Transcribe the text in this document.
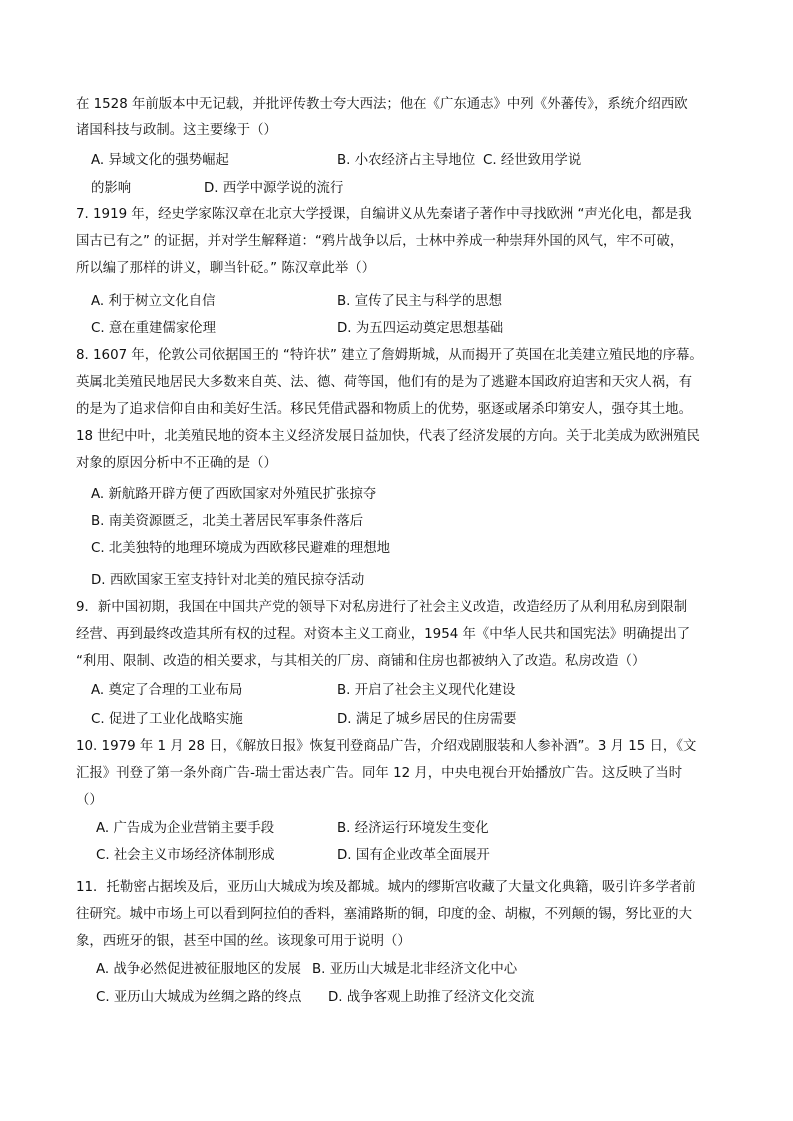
在 1528 年前版本中无记载，并批评传教士夸大西法；他在《广东通志》中列《外蕃传》，系统介绍西欧
诸国科技与政制。这主要缘于（）
A. 异域文化的强势崛起	B. 小农经济占主导地位 C. 经世致用学说
的影响	D. 西学中源学说的流行
7. 1919 年，经史学家陈汉章在北京大学授课，自编讲义从先秦诸子著作中寻找欧洲 “声光化电，都是我
国古已有之” 的证据，并对学生解释道：“鸦片战争以后，士林中养成一种崇拜外国的风气，牢不可破，
所以编了那样的讲义，聊当针砭。” 陈汉章此举（）
A. 利于树立文化自信	B. 宣传了民主与科学的思想
C. 意在重建儒家伦理	D. 为五四运动奠定思想基础
8. 1607 年，伦敦公司依据国王的 “特许状” 建立了詹姆斯城，从而揭开了英国在北美建立殖民地的序幕。
英属北美殖民地居民大多数来自英、法、德、荷等国，他们有的是为了逃避本国政府迫害和天灾人祸，有
的是为了追求信仰自由和美好生活。移民凭借武器和物质上的优势，驱逐或屠杀印第安人，强夺其土地。
18 世纪中叶，北美殖民地的资本主义经济发展日益加快，代表了经济发展的方向。关于北美成为欧洲殖民
对象的原因分析中不正确的是（）
A. 新航路开辟方便了西欧国家对外殖民扩张掠夺
B. 南美资源匮乏，北美土著居民军事条件落后
C. 北美独特的地理环境成为西欧移民避难的理想地
D. 西欧国家王室支持针对北美的殖民掠夺活动
9．新中国初期，我国在中国共产党的领导下对私房进行了社会主义改造，改造经历了从利用私房到限制
经营、再到最终改造其所有权的过程。对资本主义工商业，1954 年《中华人民共和国宪法》明确提出了
“利用、限制、改造的相关要求，与其相关的厂房、商铺和住房也都被纳入了改造。私房改造（）
A. 奠定了合理的工业布局	B. 开启了社会主义现代化建设
C. 促进了工业化战略实施	D. 满足了城乡居民的住房需要
10. 1979 年 1 月 28 日，《解放日报》恢复刊登商品广告，介绍戏剧服装和人参补酒”。3 月 15 日，《文
汇报》刊登了第一条外商广告-瑞士雷达表广告。同年 12 月，中央电视台开始播放广告。这反映了当时
（）
A. 广告成为企业营销主要手段	B. 经济运行环境发生变化
C. 社会主义市场经济体制形成	D. 国有企业改革全面展开
11．托勒密占据埃及后，亚历山大城成为埃及都城。城内的缪斯宫收藏了大量文化典籍，吸引许多学者前
往研究。城中市场上可以看到阿拉伯的香料，塞浦路斯的铜，印度的金、胡椒，不列颠的锡，努比亚的大
象，西班牙的银，甚至中国的丝。该现象可用于说明（）
A. 战争必然促进被征服地区的发展 B. 亚历山大城是北非经济文化中心
C. 亚历山大城成为丝绸之路的终点 D. 战争客观上助推了经济文化交流
